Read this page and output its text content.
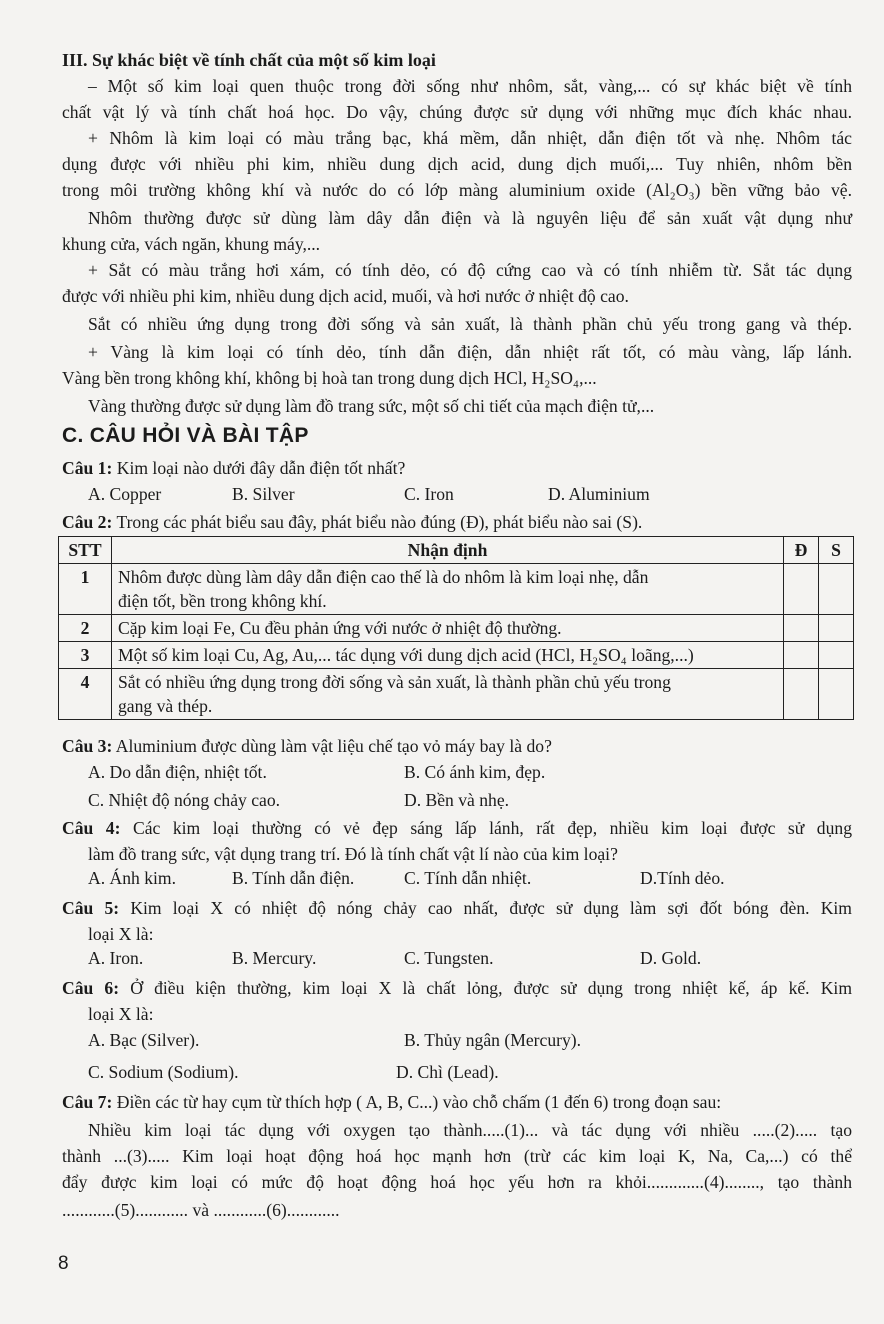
III. Sự khác biệt về tính chất của một số kim loại
– Một số kim loại quen thuộc trong đời sống như nhôm, sắt, vàng,... có sự khác biệt về tính
chất vật lý và tính chất hoá học. Do vậy, chúng được sử dụng với những mục đích khác nhau.
+ Nhôm là kim loại có màu trắng bạc, khá mềm, dẫn nhiệt, dẫn điện tốt và nhẹ. Nhôm tác
dụng được với nhiều phi kim, nhiều dung dịch acid, dung dịch muối,... Tuy nhiên, nhôm bền
trong môi trường không khí và nước do có lớp màng aluminium oxide (Al₂O₃) bền vững bảo vệ.
Nhôm thường được sử dùng làm dây dẫn điện và là nguyên liệu để sản xuất vật dụng như
khung cửa, vách ngăn, khung máy,...
+ Sắt có màu trắng hơi xám, có tính dẻo, có độ cứng cao và có tính nhiễm từ. Sắt tác dụng
được với nhiều phi kim, nhiều dung dịch acid, muối, và hơi nước ở nhiệt độ cao.
Sắt có nhiều ứng dụng trong đời sống và sản xuất, là thành phần chủ yếu trong gang và thép.
+ Vàng là kim loại có tính dẻo, tính dẫn điện, dẫn nhiệt rất tốt, có màu vàng, lấp lánh.
Vàng bền trong không khí, không bị hoà tan trong dung dịch HCl, H₂SO₄,...
Vàng thường được sử dụng làm đồ trang sức, một số chi tiết của mạch điện tử,...
C. CÂU HỎI VÀ BÀI TẬP
Câu 1: Kim loại nào dưới đây dẫn điện tốt nhất?
A. Copper	B. Silver	C. Iron	D. Aluminium
Câu 2: Trong các phát biểu sau đây, phát biểu nào đúng (Đ), phát biểu nào sai (S).
STT	Nhận định	Đ	S
1	Nhôm được dùng làm dây dẫn điện cao thế là do nhôm là kim loại nhẹ, dẫn
điện tốt, bền trong không khí.		
2	Cặp kim loại Fe, Cu đều phản ứng với nước ở nhiệt độ thường.		
3	Một số kim loại Cu, Ag, Au,... tác dụng với dung dịch acid (HCl, H₂SO₄ loãng,...)		
4	Sắt có nhiều ứng dụng trong đời sống và sản xuất, là thành phần chủ yếu trong
gang và thép.		
Câu 3: Aluminium được dùng làm vật liệu chế tạo vỏ máy bay là do?
A. Do dẫn điện, nhiệt tốt.	B. Có ánh kim, đẹp.
C. Nhiệt độ nóng chảy cao.	D. Bền và nhẹ.
Câu 4: Các kim loại thường có vẻ đẹp sáng lấp lánh, rất đẹp, nhiều kim loại được sử dụng
làm đồ trang sức, vật dụng trang trí. Đó là tính chất vật lí nào của kim loại?
A. Ánh kim.	B. Tính dẫn điện.	C. Tính dẫn nhiệt.	D.Tính dẻo.
Câu 5: Kim loại X có nhiệt độ nóng chảy cao nhất, được sử dụng làm sợi đốt bóng đèn. Kim
loại X là:
A. Iron.	B. Mercury.	C. Tungsten.	D. Gold.
Câu 6: Ở điều kiện thường, kim loại X là chất lỏng, được sử dụng trong nhiệt kế, áp kế. Kim
loại X là:
A. Bạc (Silver).	B. Thủy ngân (Mercury).
C. Sodium (Sodium).	D. Chì (Lead).
Câu 7: Điền các từ hay cụm từ thích hợp ( A, B, C...) vào chỗ chấm (1 đến 6) trong đoạn sau:
Nhiều kim loại tác dụng với oxygen tạo thành.....(1)... và tác dụng với nhiều .....(2)..... tạo
thành ...(3)..... Kim loại hoạt động hoá học mạnh hơn (trừ các kim loại K, Na, Ca,...) có thể
đẩy được kim loại có mức độ hoạt động hoá học yếu hơn ra khỏi.............(4)........, tạo thành
............(5)............ và ............(6)............
8
